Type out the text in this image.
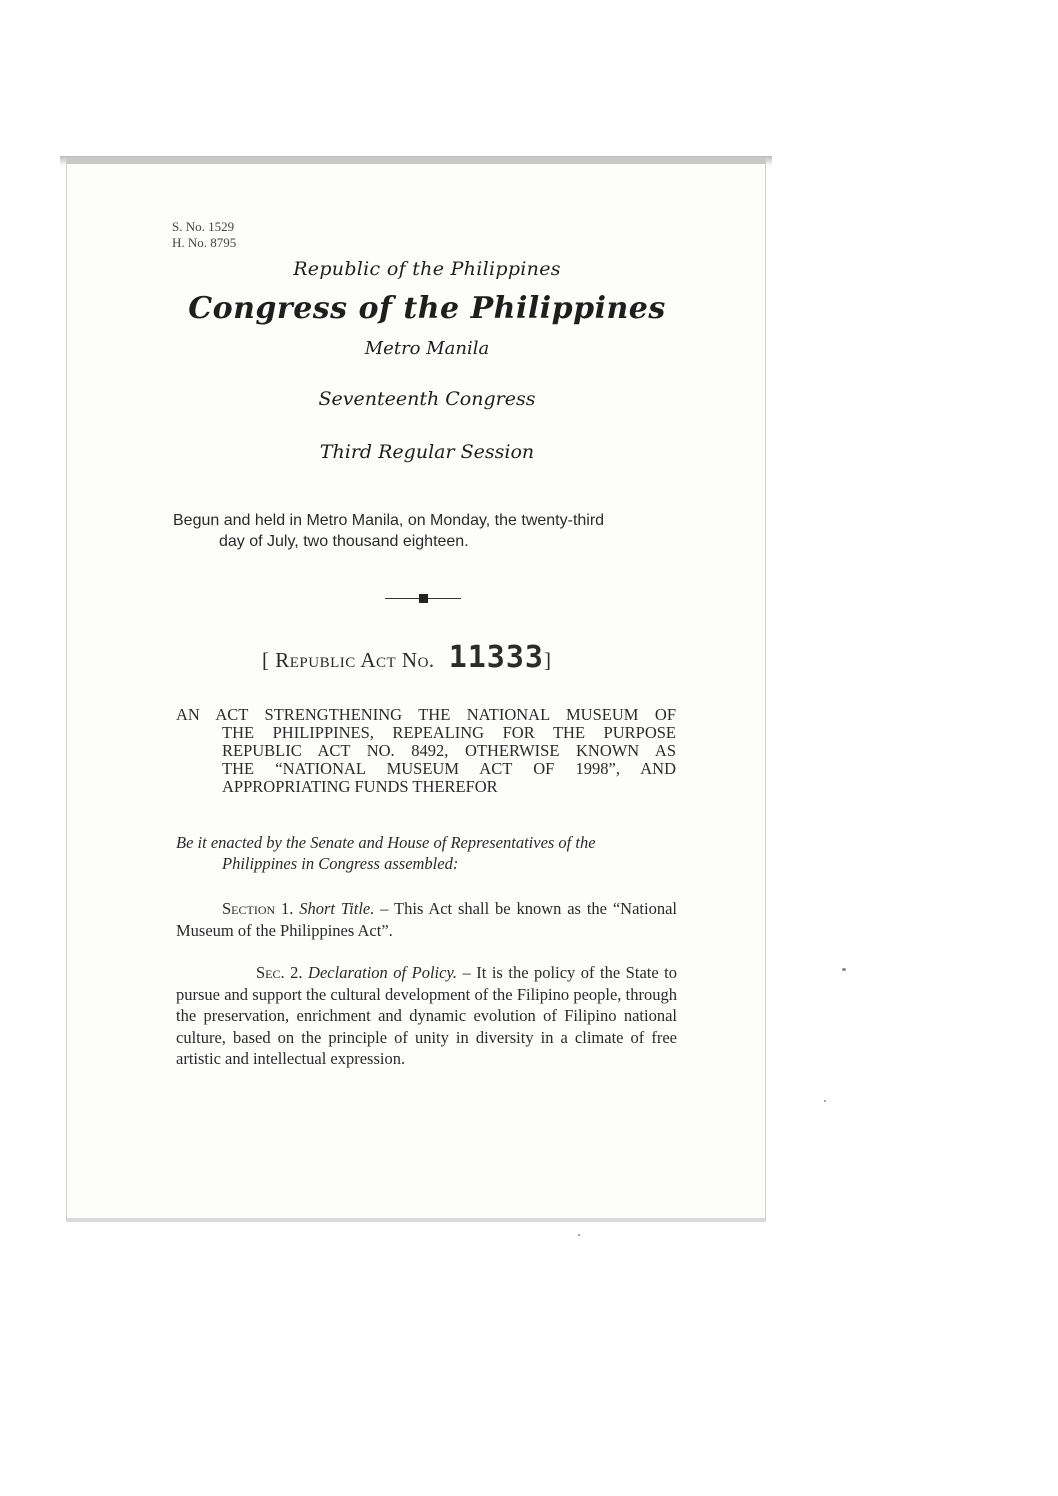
S. No. 1529
H. No. 8795
Republic of the Philippines
Congress of the Philippines
Metro Manila
Seventeenth Congress
Third Regular Session
Begun and held in Metro Manila, on Monday, the twenty-third
day of July, two thousand eighteen.
[ Republic Act No. 11333]
AN ACT STRENGTHENING THE NATIONAL MUSEUM OF
THE PHILIPPINES, REPEALING FOR THE PURPOSE
REPUBLIC ACT NO. 8492, OTHERWISE KNOWN AS
THE “NATIONAL MUSEUM ACT OF 1998”, AND
APPROPRIATING FUNDS THEREFOR
Be it enacted by the Senate and House of Representatives of the
Philippines in Congress assembled:
Section 1. Short Title. – This Act shall be known as the “National Museum of the Philippines Act”.
Sec. 2. Declaration of Policy. – It is the policy of the State to pursue and support the cultural development of the Filipino people, through the preservation, enrichment and dynamic evolution of Filipino national culture, based on the principle of unity in diversity in a climate of free artistic and intellectual expression.
